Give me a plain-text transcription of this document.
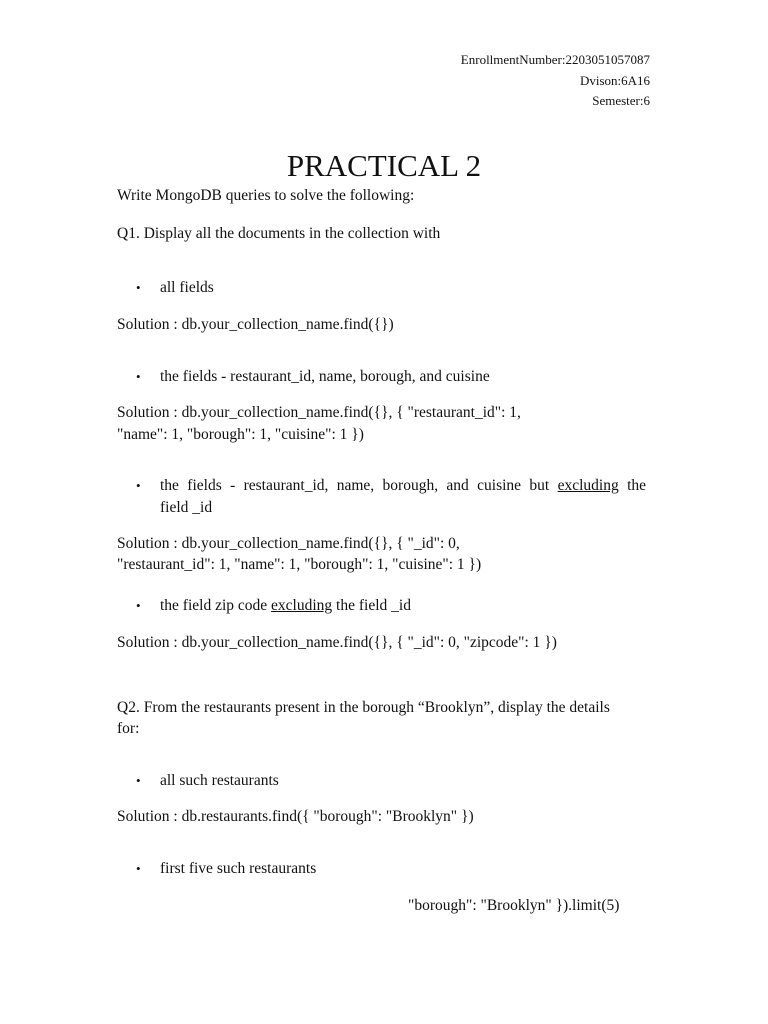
EnrollmentNumber:2203051057087
Dvison:6A16
Semester:6
PRACTICAL 2
Write MongoDB queries to solve the following:
Q1. Display all the documents in the collection with
• all fields
Solution : db.your_collection_name.find({})
• the fields - restaurant_id, name, borough, and cuisine
Solution : db.your_collection_name.find({}, { "restaurant_id": 1,
"name": 1, "borough": 1, "cuisine": 1 })
• the fields - restaurant_id, name, borough, and cuisine but excluding the
field _id
Solution : db.your_collection_name.find({}, { "_id": 0,
"restaurant_id": 1, "name": 1, "borough": 1, "cuisine": 1 })
• the field zip code excluding the field _id
Solution : db.your_collection_name.find({}, { "_id": 0, "zipcode": 1 })
Q2. From the restaurants present in the borough “Brooklyn”, display the details
for:
• all such restaurants
Solution : db.restaurants.find({ "borough": "Brooklyn" })
• first five such restaurants
"borough": "Brooklyn" }).limit(5)
